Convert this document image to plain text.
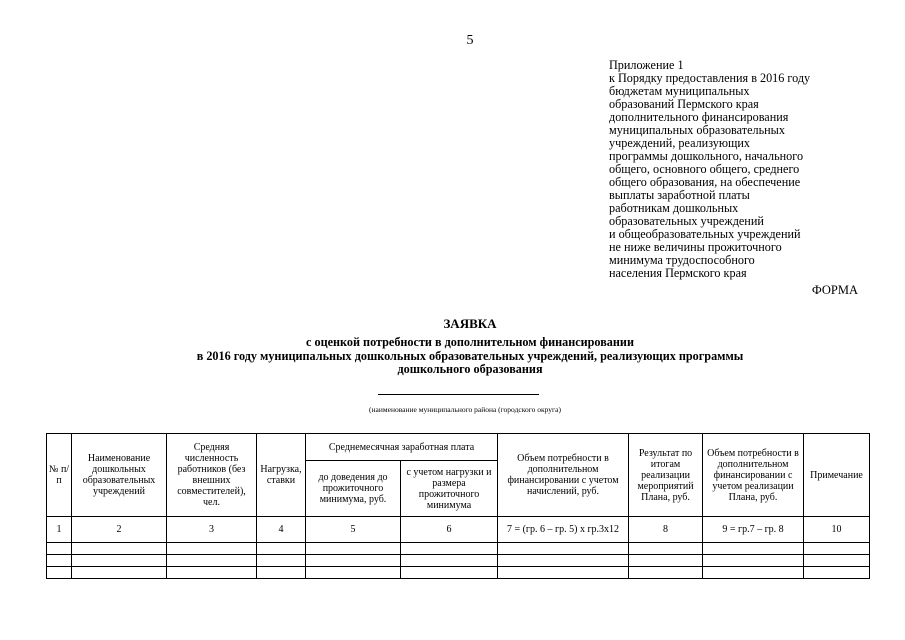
5
Приложение 1
к Порядку предоставления в 2016 году
бюджетам муниципальных
образований Пермского края
дополнительного финансирования
муниципальных образовательных
учреждений, реализующих
программы дошкольного, начального
общего, основного общего, среднего
общего образования, на обеспечение
выплаты заработной платы
работникам дошкольных
образовательных учреждений
и общеобразовательных учреждений
не ниже величины прожиточного
минимума трудоспособного
населения Пермского края
ФОРМА
ЗАЯВКА
с оценкой потребности в дополнительном финансировании
в 2016 году муниципальных дошкольных образовательных учреждений, реализующих программы
дошкольного образования
(наименование муниципального района (городского округа)
№ п/п	Наименование дошкольных образовательных учреждений	Средняя численность работников (без внешних совместителей), чел.	Нагрузка, ставки	Среднемесячная заработная плата		Объем потребности в дополнительном финансировании с учетом начислений, руб.	Результат по итогам реализации мероприятий Плана, руб.	Объем потребности в дополнительном финансировании с учетом реализации Плана, руб.	Примечание
				до доведения до прожиточного минимума, руб.	с учетом нагрузки и размера прожиточного минимума				
1	2	3	4	5	6	7 = (гр. 6 – гр. 5) х гр.3х12	8	9 = гр.7 – гр. 8	10
